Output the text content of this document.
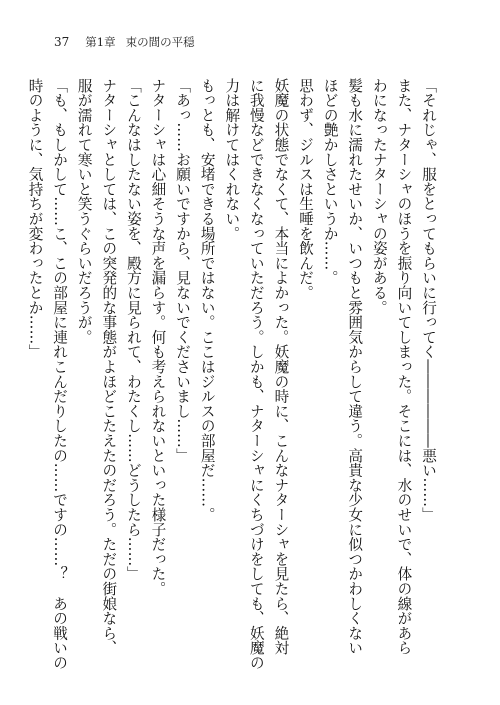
37 第1章 束の間の平穏
「それじゃ、服をとってもらいに行ってく――――――悪い……」
また、ナターシャのほうを振り向いてしまった。そこには、水のせいで、体の線があら
わになったナターシャの姿がある。
髪も水に濡れたせいか、いつもと雰囲気からして違う。高貴な少女に似つかわしくない
ほどの艶かしさというか……。
思わず、ジルスは生唾を飲んだ。
妖魔の状態でなくて、本当によかった。妖魔の時に、こんなナターシャを見たら、絶対
に我慢などできなくなっていただろう。しかも、ナターシャにくちづけをしても、妖魔の
力は解けてはくれない。
もっとも、安堵できる場所ではない。ここはジルスの部屋だ……。
「あっ……お願いですから、見ないでくださいまし……」
ナターシャは心細そうな声を漏らす。何も考えられないといった様子だった。
「こんなはしたない姿を、殿方に見られて、わたくし……どうしたら……」
ナターシャとしては、この突発的な事態がよほどこたえたのだろう。ただの街娘なら、
服が濡れて寒いと笑うぐらいだろうが。
「も、もしかして……こ、この部屋に連れこんだりしたの……ですの……？　あの戦いの
時のように、気持ちが変わったとか……」
